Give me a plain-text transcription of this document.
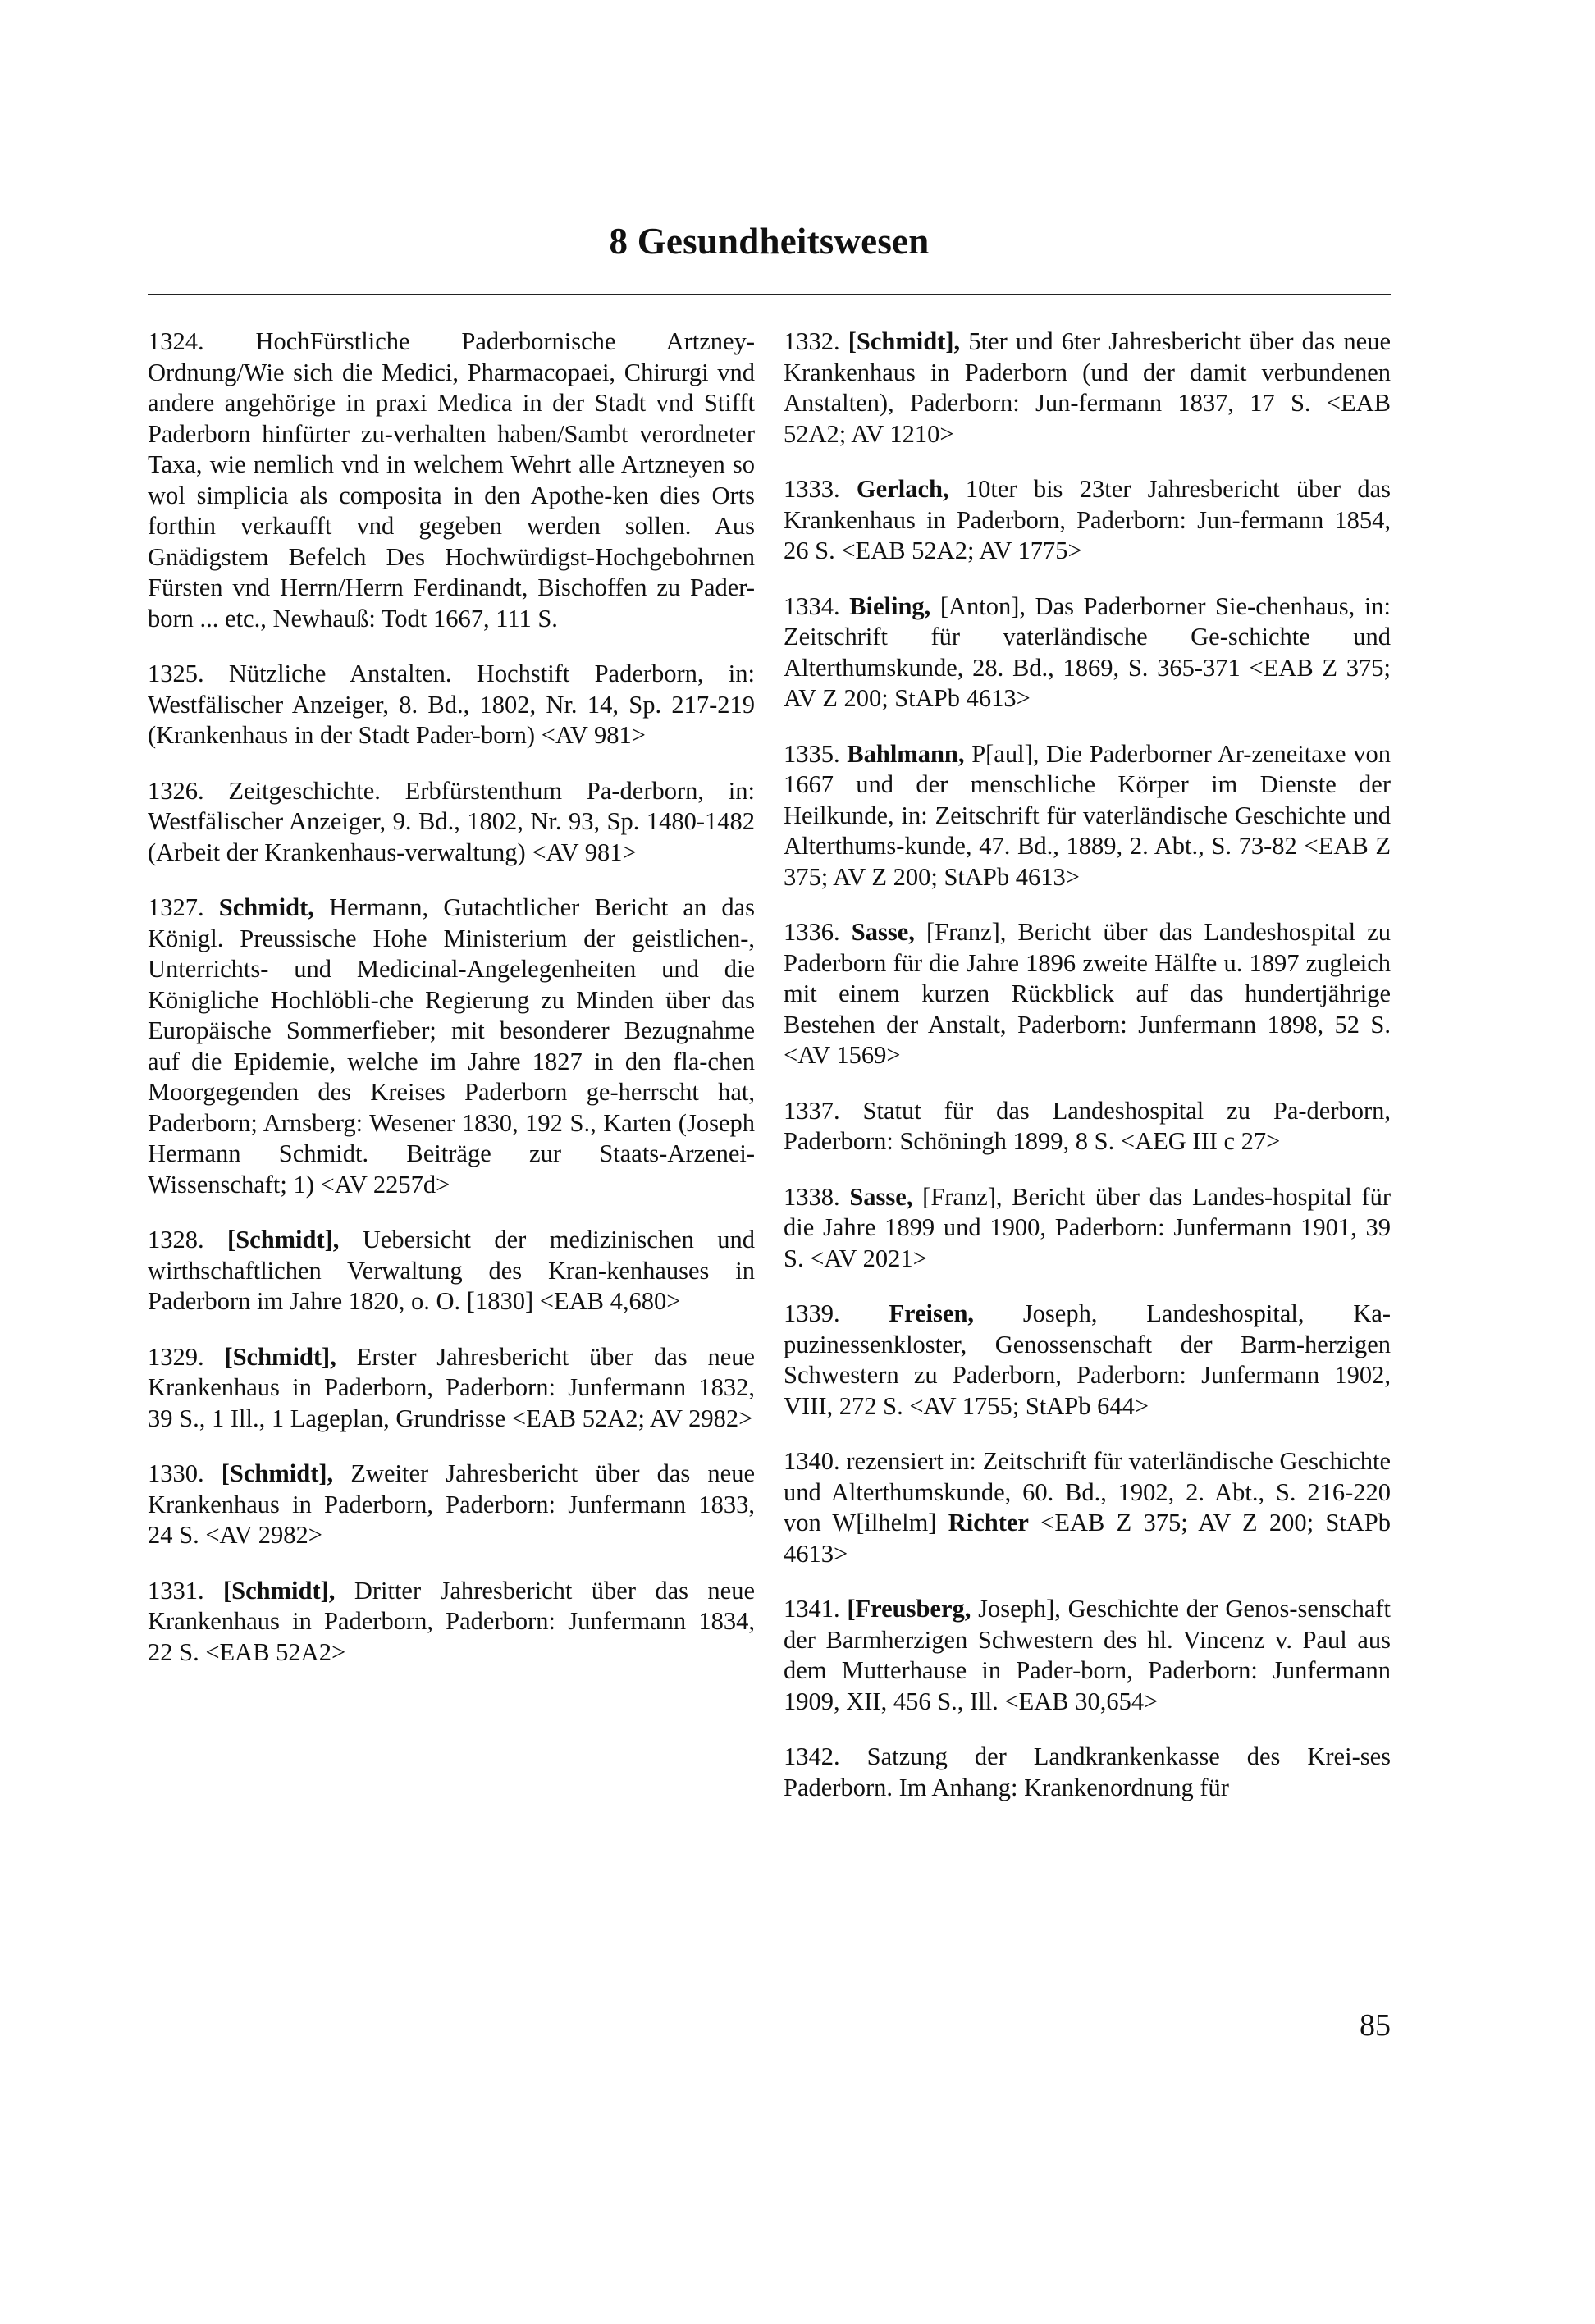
8 Gesundheitswesen

1324. HochFürstliche Paderbornische Artzney-Ordnung/Wie sich die Medici, Pharmacopaei, Chirurgi vnd andere angehörige in praxi Medica in der Stadt vnd Stifft Paderborn hinfürter zu-verhalten haben/Sambt verordneter Taxa, wie nemlich vnd in welchem Wehrt alle Artzneyen so wol simplicia als composita in den Apothe-ken dies Orts forthin verkaufft vnd gegeben werden sollen. Aus Gnädigstem Befelch Des Hochwürdigst-Hochgebohrnen Fürsten vnd Herrn/Herrn Ferdinandt, Bischoffen zu Pader-born ... etc., Newhauß: Todt 1667, 111 S.

1325. Nützliche Anstalten. Hochstift Paderborn, in: Westfälischer Anzeiger, 8. Bd., 1802, Nr. 14, Sp. 217-219 (Krankenhaus in der Stadt Pader-born) <AV 981>

1326. Zeitgeschichte. Erbfürstenthum Pa-derborn, in: Westfälischer Anzeiger, 9. Bd., 1802, Nr. 93, Sp. 1480-1482 (Arbeit der Krankenhaus-verwaltung) <AV 981>

1327. Schmidt, Hermann, Gutachtlicher Bericht an das Königl. Preussische Hohe Ministerium der geistlichen-, Unterrichts- und Medicinal-Angelegenheiten und die Königliche Hochlöbli-che Regierung zu Minden über das Europäische Sommerfieber; mit besonderer Bezugnahme auf die Epidemie, welche im Jahre 1827 in den fla-chen Moorgegenden des Kreises Paderborn ge-herrscht hat, Paderborn; Arnsberg: Wesener 1830, 192 S., Karten (Joseph Hermann Schmidt. Beiträge zur Staats-Arzenei-Wissenschaft; 1) <AV 2257d>

1328. [Schmidt], Uebersicht der medizinischen und wirthschaftlichen Verwaltung des Kran-kenhauses in Paderborn im Jahre 1820, o. O. [1830] <EAB 4,680>

1329. [Schmidt], Erster Jahresbericht über das neue Krankenhaus in Paderborn, Paderborn: Junfermann 1832, 39 S., 1 Ill., 1 Lageplan, Grundrisse <EAB 52A2; AV 2982>

1330. [Schmidt], Zweiter Jahresbericht über das neue Krankenhaus in Paderborn, Paderborn: Junfermann 1833, 24 S. <AV 2982>

1331. [Schmidt], Dritter Jahresbericht über das neue Krankenhaus in Paderborn, Paderborn: Junfermann 1834, 22 S. <EAB 52A2>

1332. [Schmidt], 5ter und 6ter Jahresbericht über das neue Krankenhaus in Paderborn (und der damit verbundenen Anstalten), Paderborn: Jun-fermann 1837, 17 S. <EAB 52A2; AV 1210>

1333. Gerlach, 10ter bis 23ter Jahresbericht über das Krankenhaus in Paderborn, Paderborn: Jun-fermann 1854, 26 S. <EAB 52A2; AV 1775>

1334. Bieling, [Anton], Das Paderborner Sie-chenhaus, in: Zeitschrift für vaterländische Ge-schichte und Alterthumskunde, 28. Bd., 1869, S. 365-371 <EAB Z 375; AV Z 200; StAPb 4613>

1335. Bahlmann, P[aul], Die Paderborner Ar-zeneitaxe von 1667 und der menschliche Körper im Dienste der Heilkunde, in: Zeitschrift für vaterländische Geschichte und Alterthums-kunde, 47. Bd., 1889, 2. Abt., S. 73-82 <EAB Z 375; AV Z 200; StAPb 4613>

1336. Sasse, [Franz], Bericht über das Landeshospital zu Paderborn für die Jahre 1896 zweite Hälfte u. 1897 zugleich mit einem kurzen Rückblick auf das hundertjährige Bestehen der Anstalt, Paderborn: Junfermann 1898, 52 S. <AV 1569>

1337. Statut für das Landeshospital zu Pa-derborn, Paderborn: Schöningh 1899, 8 S. <AEG III c 27>

1338. Sasse, [Franz], Bericht über das Landes-hospital für die Jahre 1899 und 1900, Paderborn: Junfermann 1901, 39 S. <AV 2021>

1339. Freisen, Joseph, Landeshospital, Ka-puzinessenkloster, Genossenschaft der Barm-herzigen Schwestern zu Paderborn, Paderborn: Junfermann 1902, VIII, 272 S. <AV 1755; StAPb 644>

1340. rezensiert in: Zeitschrift für vaterländische Geschichte und Alterthumskunde, 60. Bd., 1902, 2. Abt., S. 216-220 von W[ilhelm] Richter <EAB Z 375; AV Z 200; StAPb 4613>

1341. [Freusberg, Joseph], Geschichte der Genos-senschaft der Barmherzigen Schwestern des hl. Vincenz v. Paul aus dem Mutterhause in Pader-born, Paderborn: Junfermann 1909, XII, 456 S., Ill. <EAB 30,654>

1342. Satzung der Landkrankenkasse des Krei-ses Paderborn. Im Anhang: Krankenordnung für

85
